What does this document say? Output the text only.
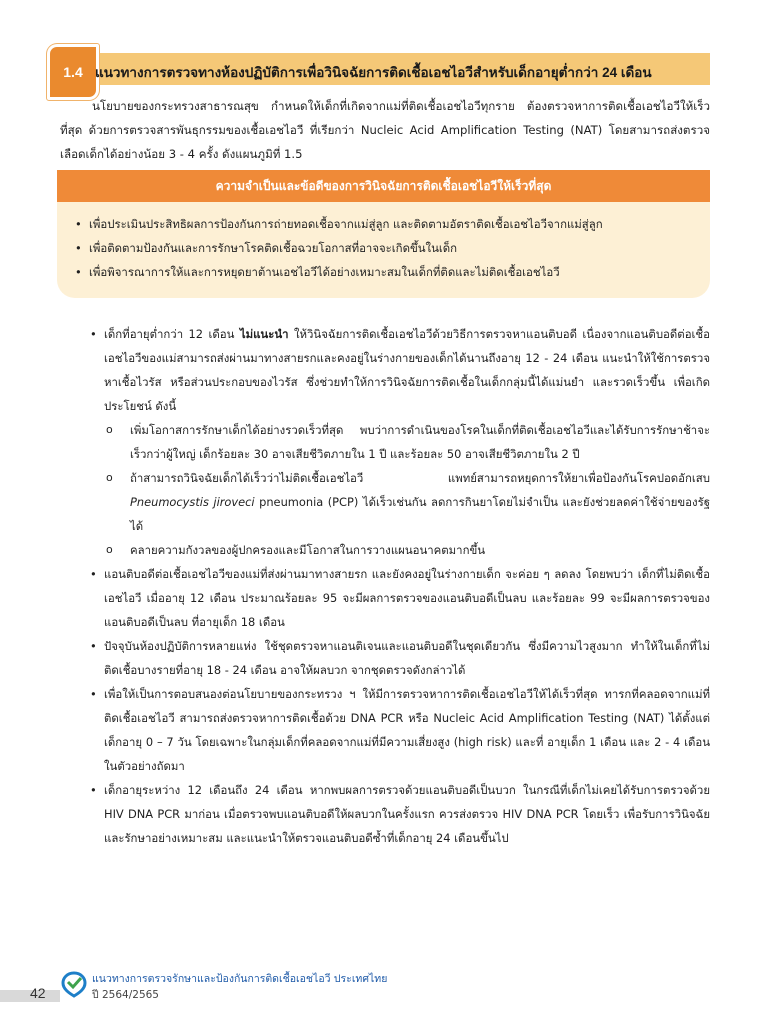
1.4 แนวทางการตรวจทางห้องปฏิบัติการเพื่อวินิจฉัยการติดเชื้อเอชไอวีสำหรับเด็กอายุต่ำกว่า 24 เดือน
นโยบายของกระทรวงสาธารณสุข กำหนดให้เด็กที่เกิดจากแม่ที่ติดเชื้อเอชไอวีทุกราย ต้องตรวจหาการติดเชื้อเอชไอวีให้เร็วที่สุด ด้วยการตรวจสารพันธุกรรมของเชื้อเอชไอวี ที่เรียกว่า Nucleic Acid Amplification Testing (NAT) โดยสามารถส่งตรวจเลือดเด็กได้อย่างน้อย 3 - 4 ครั้ง ดังแผนภูมิที่ 1.5
ความจำเป็นและข้อดีของการวินิจฉัยการติดเชื้อเอชไอวีให้เร็วที่สุด
• เพื่อประเมินประสิทธิผลการป้องกันการถ่ายทอดเชื้อจากแม่สู่ลูก และติดตามอัตราติดเชื้อเอชไอวีจากแม่สู่ลูก
• เพื่อติดตามป้องกันและการรักษาโรคติดเชื้อฉวยโอกาสที่อาจจะเกิดขึ้นในเด็ก
• เพื่อพิจารณาการให้และการหยุดยาต้านเอชไอวีได้อย่างเหมาะสมในเด็กที่ติดและไม่ติดเชื้อเอชไอวี
• เด็กที่อายุต่ำกว่า 12 เดือน ไม่แนะนำ ให้วินิจฉัยการติดเชื้อเอชไอวีด้วยวิธีการตรวจหาแอนติบอดี เนื่องจากแอนติบอดีต่อเชื้อเอชไอวีของแม่สามารถส่งผ่านมาทางสายรกและคงอยู่ในร่างกายของเด็กได้นานถึงอายุ 12 - 24 เดือน แนะนำให้ใช้การตรวจหาเชื้อไวรัส หรือส่วนประกอบของไวรัส ซึ่งช่วยทำให้การวินิจฉัยการติดเชื้อในเด็กกลุ่มนี้ได้แม่นยำ และรวดเร็วขึ้น เพื่อเกิดประโยชน์ ดังนี้
o เพิ่มโอกาสการรักษาเด็กได้อย่างรวดเร็วที่สุด พบว่าการดำเนินของโรคในเด็กที่ติดเชื้อเอชไอวีและได้รับการรักษาช้าจะเร็วกว่าผู้ใหญ่ เด็กร้อยละ 30 อาจเสียชีวิตภายใน 1 ปี และร้อยละ 50 อาจเสียชีวิตภายใน 2 ปี
o ถ้าสามารถวินิจฉัยเด็กได้เร็วว่าไม่ติดเชื้อเอชไอวี แพทย์สามารถหยุดการให้ยาเพื่อป้องกันโรคปอดอักเสบ Pneumocystis jiroveci pneumonia (PCP) ได้เร็วเช่นกัน ลดการกินยาโดยไม่จำเป็น และยังช่วยลดค่าใช้จ่ายของรัฐได้
o คลายความกังวลของผู้ปกครองและมีโอกาสในการวางแผนอนาคตมากขึ้น
• แอนติบอดีต่อเชื้อเอชไอวีของแม่ที่ส่งผ่านมาทางสายรก และยังคงอยู่ในร่างกายเด็ก จะค่อย ๆ ลดลง โดยพบว่า เด็กที่ไม่ติดเชื้อเอชไอวี เมื่ออายุ 12 เดือน ประมาณร้อยละ 95 จะมีผลการตรวจของแอนติบอดีเป็นลบ และร้อยละ 99 จะมีผลการตรวจของแอนติบอดีเป็นลบ ที่อายุเด็ก 18 เดือน
• ปัจจุบันห้องปฏิบัติการหลายแห่ง ใช้ชุดตรวจหาแอนติเจนและแอนติบอดีในชุดเดียวกัน ซึ่งมีความไวสูงมาก ทำให้ในเด็กที่ไม่ติดเชื้อบางรายที่อายุ 18 - 24 เดือน อาจให้ผลบวก จากชุดตรวจดังกล่าวได้
• เพื่อให้เป็นการตอบสนองต่อนโยบายของกระทรวง ฯ ให้มีการตรวจหาการติดเชื้อเอชไอวีให้ได้เร็วที่สุด ทารกที่คลอดจากแม่ที่ติดเชื้อเอชไอวี สามารถส่งตรวจหาการติดเชื้อด้วย DNA PCR หรือ Nucleic Acid Amplification Testing (NAT) ได้ตั้งแต่เด็กอายุ 0 – 7 วัน โดยเฉพาะในกลุ่มเด็กที่คลอดจากแม่ที่มีความเสี่ยงสูง (high risk) และที่ อายุเด็ก 1 เดือน และ 2 - 4 เดือนในตัวอย่างถัดมา
• เด็กอายุระหว่าง 12 เดือนถึง 24 เดือน หากพบผลการตรวจด้วยแอนติบอดีเป็นบวก ในกรณีที่เด็กไม่เคยได้รับการตรวจด้วย HIV DNA PCR มาก่อน เมื่อตรวจพบแอนติบอดีให้ผลบวกในครั้งแรก ควรส่งตรวจ HIV DNA PCR โดยเร็ว เพื่อรับการวินิจฉัยและรักษาอย่างเหมาะสม และแนะนำให้ตรวจแอนติบอดีซ้ำที่เด็กอายุ 24 เดือนขึ้นไป
42
แนวทางการตรวจรักษาและป้องกันการติดเชื้อเอชไอวี ประเทศไทย
ปี 2564/2565
